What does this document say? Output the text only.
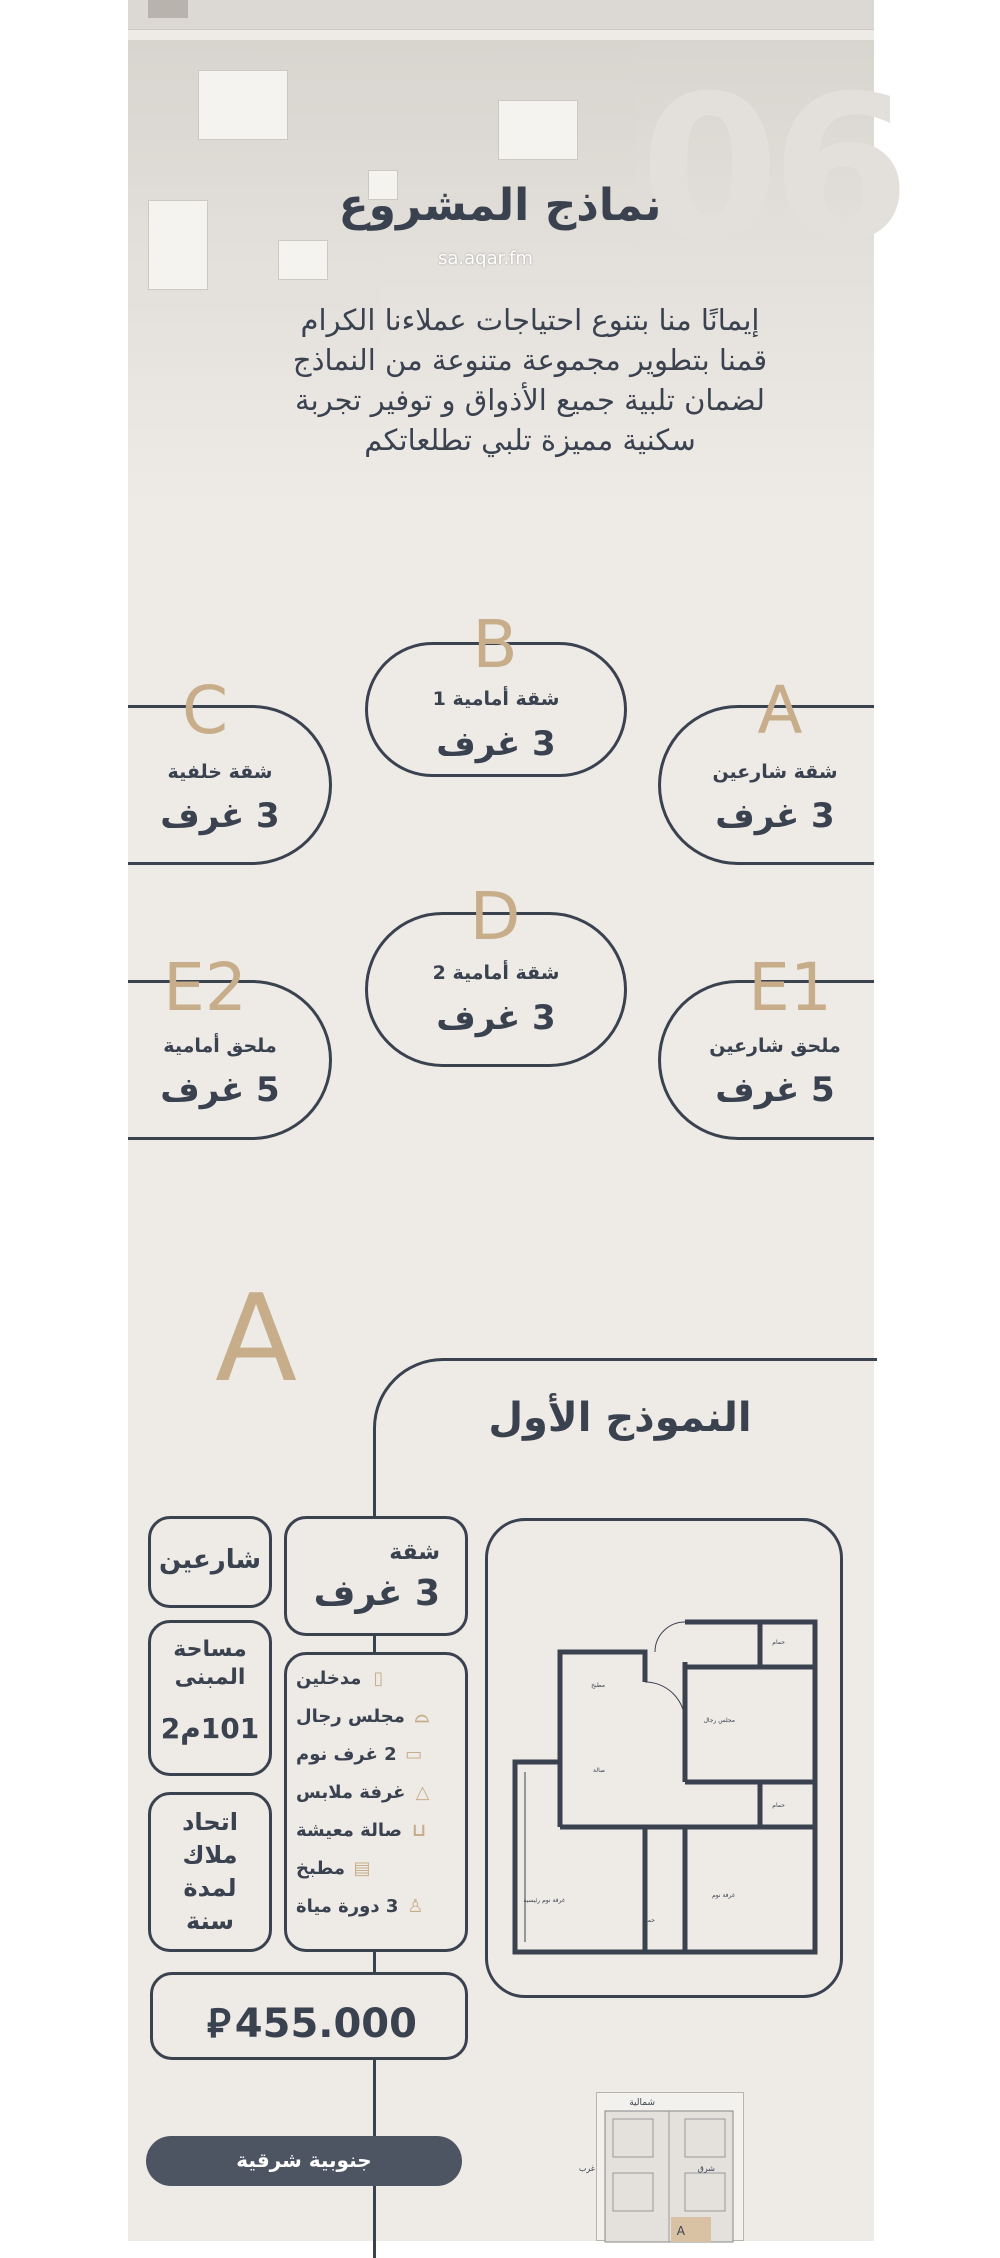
06
نماذج المشروع
sa.aqar.fm
إيمانًا منا بتنوع احتياجات عملاءنا الكرام
قمنا بتطوير مجموعة متنوعة من النماذج
لضمان تلبية جميع الأذواق و توفير تجربة
سكنية مميزة تلبي تطلعاتكم
B
شقة أمامية 1
3 غرف
C
شقة خلفية
3 غرف
A
شقة شارعين
3 غرف
D
شقة أمامية 2
3 غرف
E2
ملحق أمامية
5 غرف
E1
ملحق شارعين
5 غرف
A
النموذج الأول
شقة
3 غرف
شارعين
مساحة
المبنى
101م2
اتحاد
ملاك
لمدة
سنة
▯
مدخلين
⌓
مجلس رجال
▭
2 غرف نوم
△
غرفة ملابس
⊔
صالة معيشة
▤
مطبخ
♙
3 دورة مياة
مطبخ
مجلس رجال
صالة
غرفة نوم رئيسية
غرفة نوم
حمام
حمام
حمام
⃁ 455.000
جنوبية شرقية
A
شمالية
شرق
غرب
